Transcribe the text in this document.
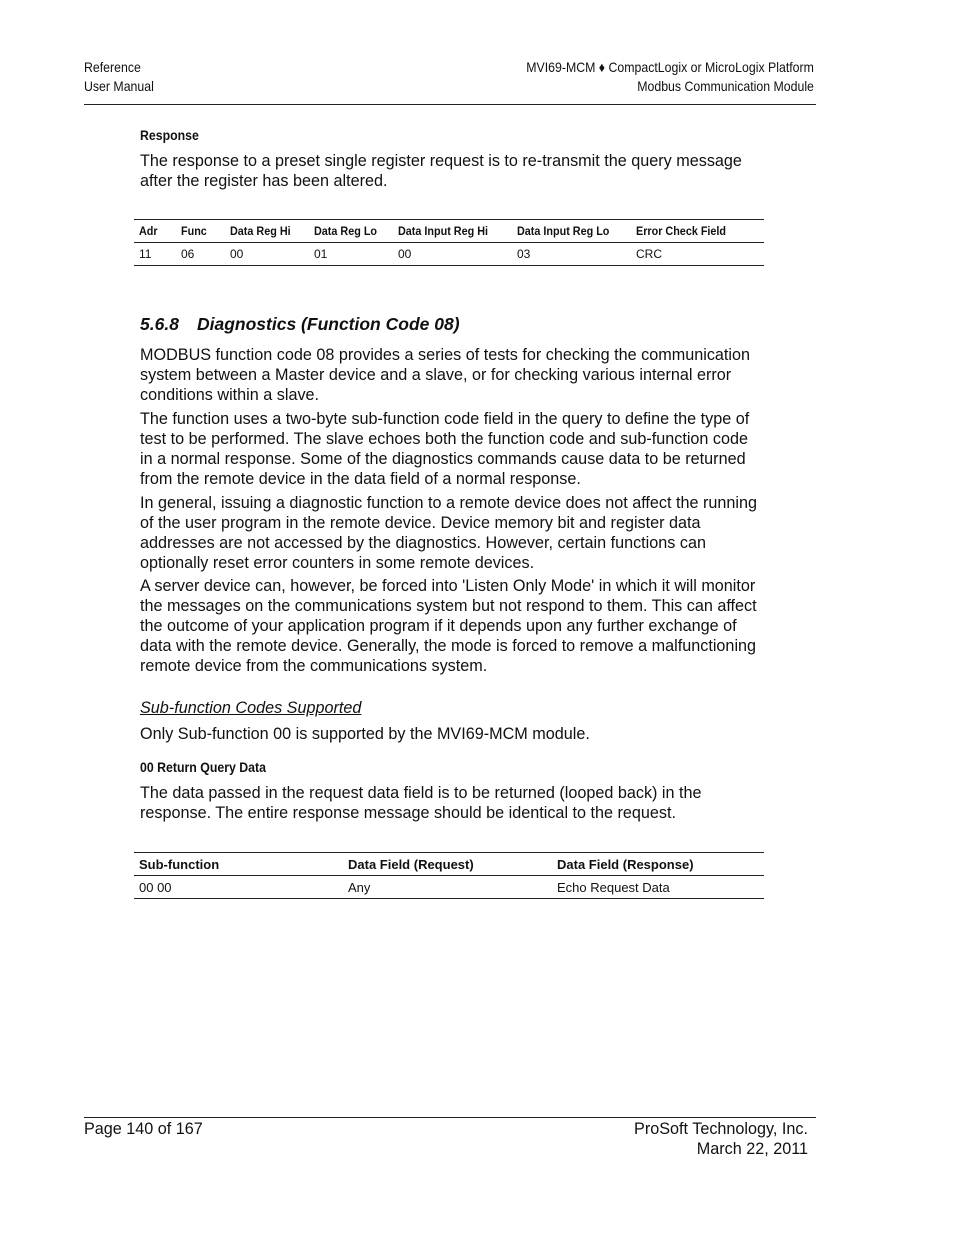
Reference
User Manual
MVI69-MCM ♦ CompactLogix or MicroLogix Platform
Modbus Communication Module
Response

The response to a preset single register request is to re-transmit the query message after the register has been altered.

Adr	Func	Data Reg Hi	Data Reg Lo	Data Input Reg Hi	Data Input Reg Lo	Error Check Field
11	06	00	01	00	03	CRC
5.6.8 Diagnostics (Function Code 08)

MODBUS function code 08 provides a series of tests for checking the communication system between a Master device and a slave, or for checking various internal error conditions within a slave.

The function uses a two-byte sub-function code field in the query to define the type of test to be performed. The slave echoes both the function code and sub-function code in a normal response. Some of the diagnostics commands cause data to be returned from the remote device in the data field of a normal response.

In general, issuing a diagnostic function to a remote device does not affect the running of the user program in the remote device. Device memory bit and register data addresses are not accessed by the diagnostics. However, certain functions can optionally reset error counters in some remote devices.

A server device can, however, be forced into 'Listen Only Mode' in which it will monitor the messages on the communications system but not respond to them. This can affect the outcome of your application program if it depends upon any further exchange of data with the remote device. Generally, the mode is forced to remove a malfunctioning remote device from the communications system.

Sub-function Codes Supported

Only Sub-function 00 is supported by the MVI69-MCM module.

00 Return Query Data

The data passed in the request data field is to be returned (looped back) in the response. The entire response message should be identical to the request.

Sub-function	Data Field (Request)	Data Field (Response)
00 00	Any	Echo Request Data
Page 140 of 167	ProSoft Technology, Inc.
March 22, 2011
